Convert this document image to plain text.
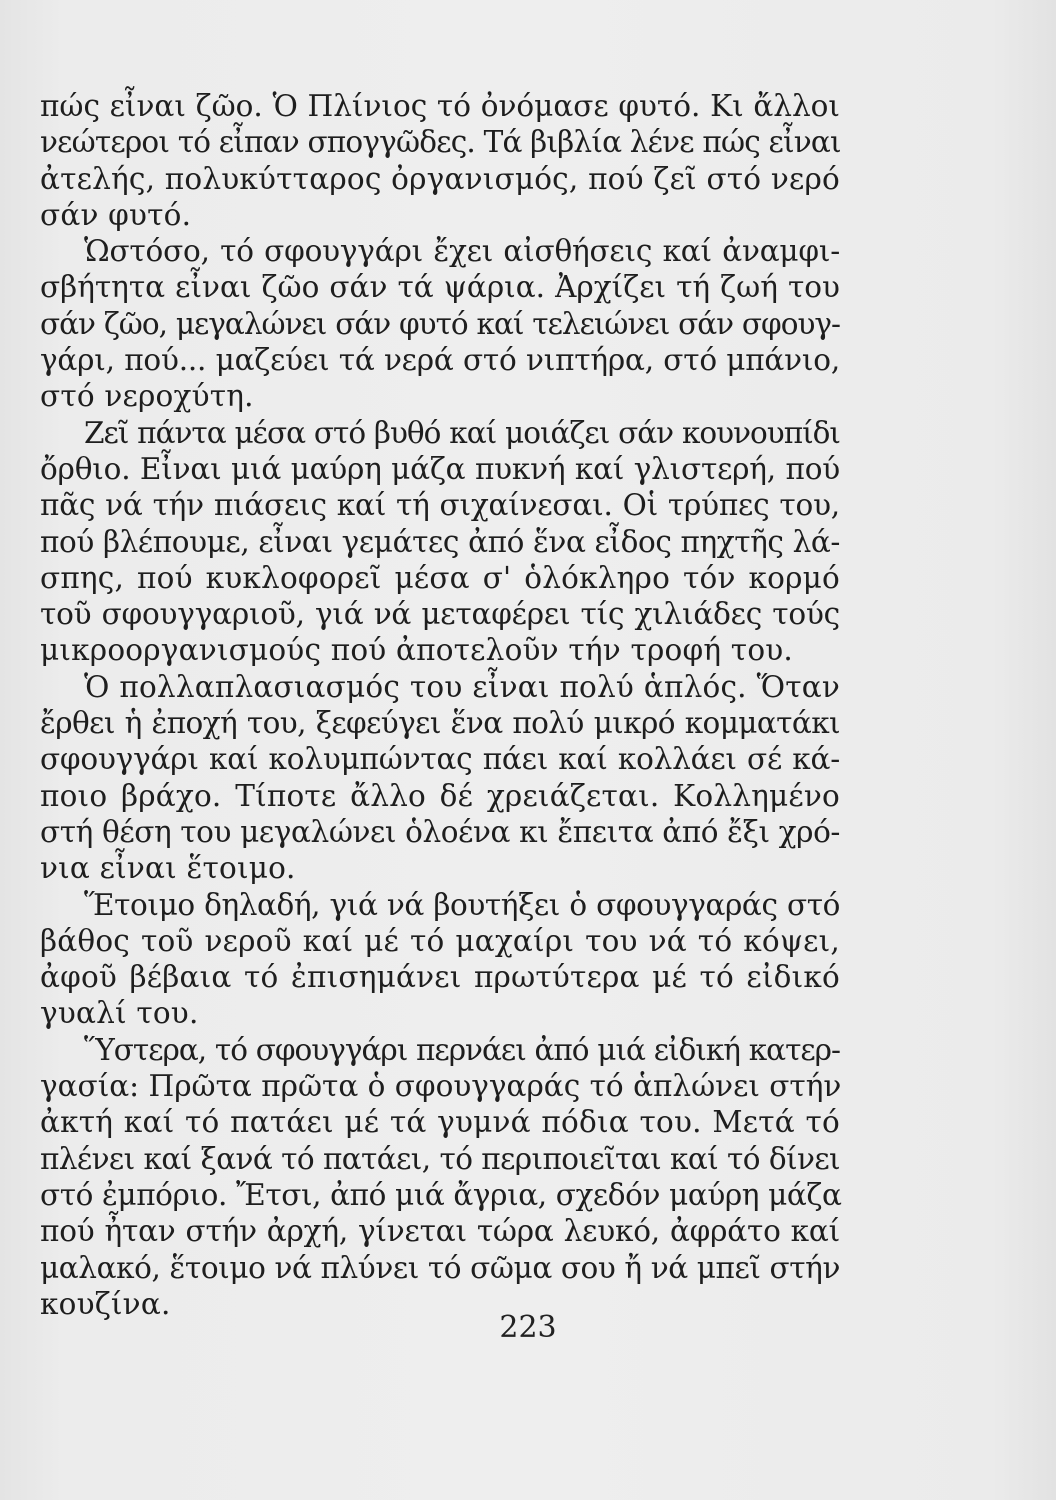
πώς εἶναι ζῶο. Ὁ Πλίνιος τό ὀνόμασε φυτό. Κι ἄλλοι
νεώτεροι τό εἶπαν σπογγῶδες. Τά βιβλία λένε πώς εἶναι
ἀτελής, πολυκύτταρος ὀργανισμός, πού ζεῖ στό νερό
σάν φυτό.
Ὡστόσο, τό σφουγγάρι ἔχει αἰσθήσεις καί ἀναμφι-
σβήτητα εἶναι ζῶο σάν τά ψάρια. Ἀρχίζει τή ζωή του
σάν ζῶο, μεγαλώνει σάν φυτό καί τελειώνει σάν σφουγ-
γάρι, πού... μαζεύει τά νερά στό νιπτήρα, στό μπάνιο,
στό νεροχύτη.
Ζεῖ πάντα μέσα στό βυθό καί μοιάζει σάν κουνουπίδι
ὄρθιο. Εἶναι μιά μαύρη μάζα πυκνή καί γλιστερή, πού
πᾶς νά τήν πιάσεις καί τή σιχαίνεσαι. Οἱ τρύπες του,
πού βλέπουμε, εἶναι γεμάτες ἀπό ἕνα εἶδος πηχτῆς λά-
σπης, πού κυκλοφορεῖ μέσα σ' ὁλόκληρο τόν κορμό
τοῦ σφουγγαριοῦ, γιά νά μεταφέρει τίς χιλιάδες τούς
μικροοργανισμούς πού ἀποτελοῦν τήν τροφή του.
Ὁ πολλαπλασιασμός του εἶναι πολύ ἁπλός. Ὅταν
ἔρθει ἡ ἐποχή του, ξεφεύγει ἕνα πολύ μικρό κομματάκι
σφουγγάρι καί κολυμπώντας πάει καί κολλάει σέ κά-
ποιο βράχο. Τίποτε ἄλλο δέ χρειάζεται. Κολλημένο
στή θέση του μεγαλώνει ὁλοένα κι ἔπειτα ἀπό ἔξι χρό-
νια εἶναι ἕτοιμο.
Ἕτοιμο δηλαδή, γιά νά βουτήξει ὁ σφουγγαράς στό
βάθος τοῦ νεροῦ καί μέ τό μαχαίρι του νά τό κόψει,
ἀφοῦ βέβαια τό ἐπισημάνει πρωτύτερα μέ τό εἰδικό
γυαλί του.
Ὕστερα, τό σφουγγάρι περνάει ἀπό μιά εἰδική κατερ-
γασία: Πρῶτα πρῶτα ὁ σφουγγαράς τό ἁπλώνει στήν
ἀκτή καί τό πατάει μέ τά γυμνά πόδια του. Μετά τό
πλένει καί ξανά τό πατάει, τό περιποιεῖται καί τό δίνει
στό ἐμπόριο. Ἔτσι, ἀπό μιά ἄγρια, σχεδόν μαύρη μάζα
πού ἦταν στήν ἀρχή, γίνεται τώρα λευκό, ἀφράτο καί
μαλακό, ἕτοιμο νά πλύνει τό σῶμα σου ἤ νά μπεῖ στήν
κουζίνα.
223
